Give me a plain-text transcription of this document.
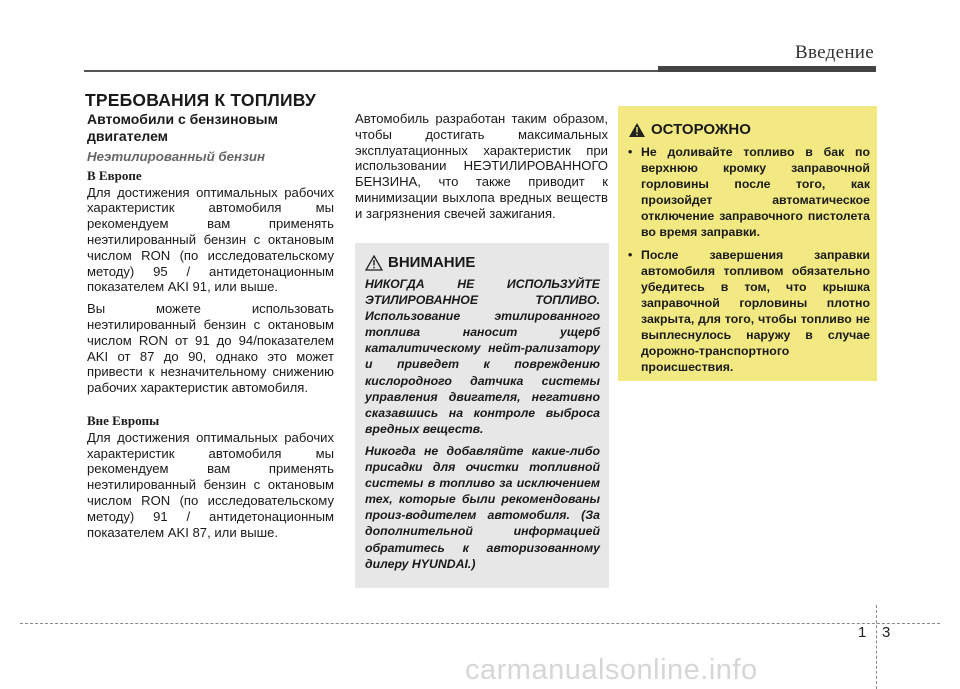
Введение
ТРЕБОВАНИЯ К ТОПЛИВУ

Автомобили с бензиновым двигателем

Неэтилированный бензин
В Европе

Для достижения оптимальных рабочих характеристик автомобиля мы рекомендуем вам применять неэтилированный бензин с октановым числом RON (по исследовательскому методу) 95 / антидетонационным показателем AKI 91, или выше.

Вы можете использовать неэтилированный бензин с октановым числом RON от 91 до 94/показателем AKI от 87 до 90, однако это может привести к незначительному снижению рабочих характеристик автомобиля.

Вне Европы

Для достижения оптимальных рабочих характеристик автомобиля мы рекомендуем вам применять неэтилированный бензин с октановым числом RON (по исследовательскому методу) 91 / антидетонационным показателем AKI 87, или выше.

Автомобиль разработан таким образом, чтобы достигать максимальных эксплуатационных характеристик при использовании НЕЭТИЛИРОВАННОГО БЕНЗИНА, что также приводит к минимизации выхлопа вредных веществ и загрязнения свечей зажигания.

ВНИМАНИЕ

НИКОГДА НЕ ИСПОЛЬЗУЙТЕ ЭТИЛИРОВАННОЕ ТОПЛИВО. Использование этилированного топлива наносит ущерб каталитическому нейт-рализатору и приведет к повреждению кислородного датчика системы управления двигателя, негативно сказавшись на контроле выброса вредных веществ.

Никогда не добавляйте какие-либо присадки для очистки топливной системы в топливо за исключением тех, которые были рекомендованы произ-водителем автомобиля. (За дополнительной информацией обратитесь к авторизованному дилеру HYUNDAI.)

ОСТОРОЖНО
• Не доливайте топливо в бак по верхнюю кромку заправочной горловины после того, как произойдет автоматическое отключение заправочного пистолета во время заправки.
• После завершения заправки автомобиля топливом обязательно убедитесь в том, что крышка заправочной горловины плотно закрыта, для того, чтобы топливо не выплеснулось наружу в случае дорожно-транспортного происшествия.
1 3
carmanualsonline.info
